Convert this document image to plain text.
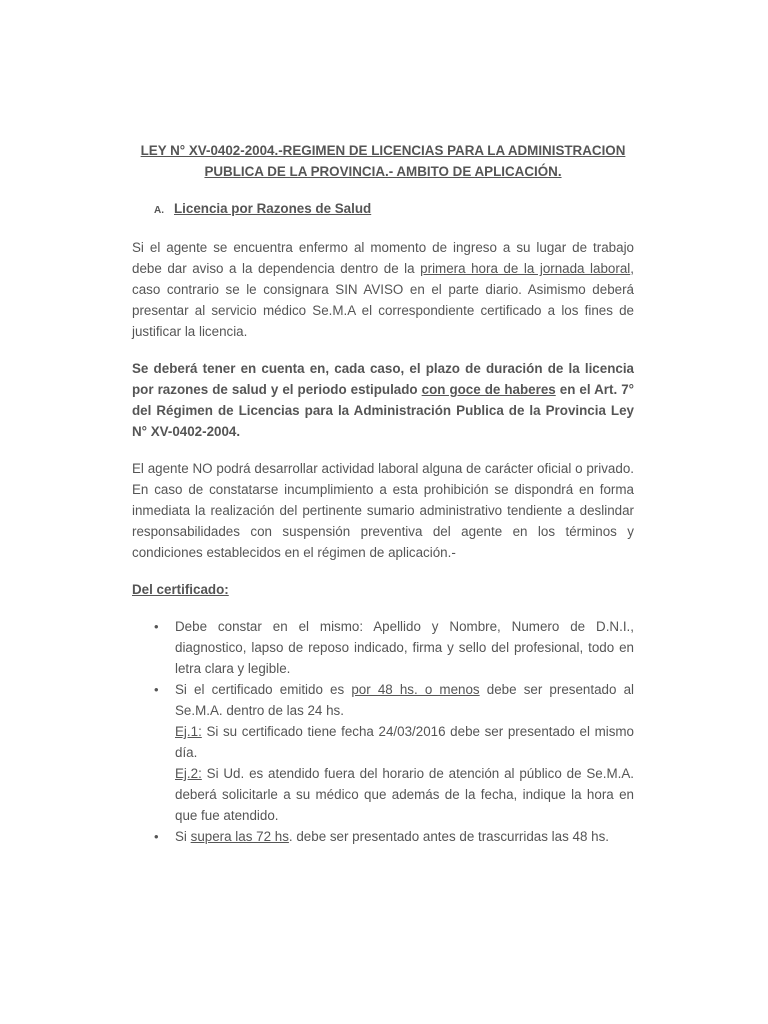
LEY N° XV-0402-2004.-REGIMEN DE LICENCIAS PARA LA ADMINISTRACION
PUBLICA DE LA PROVINCIA.- AMBITO DE APLICACIÓN.
A. Licencia por Razones de Salud

Si el agente se encuentra enfermo al momento de ingreso a su lugar de trabajo debe dar aviso a la dependencia dentro de la primera hora de la jornada laboral, caso contrario se le consignara SIN AVISO en el parte diario. Asimismo deberá presentar al servicio médico Se.M.A el correspondiente certificado a los fines de justificar la licencia.

Se deberá tener en cuenta en, cada caso, el plazo de duración de la licencia por razones de salud y el periodo estipulado con goce de haberes en el Art. 7° del Régimen de Licencias para la Administración Publica de la Provincia Ley N° XV-0402-2004.

El agente NO podrá desarrollar actividad laboral alguna de carácter oficial o privado. En caso de constatarse incumplimiento a esta prohibición se dispondrá en forma inmediata la realización del pertinente sumario administrativo tendiente a deslindar responsabilidades con suspensión preventiva del agente en los términos y condiciones establecidos en el régimen de aplicación.-

Del certificado:
• Debe constar en el mismo: Apellido y Nombre, Numero de D.N.I., diagnostico, lapso de reposo indicado, firma y sello del profesional, todo en letra clara y legible.
• Si el certificado emitido es por 48 hs. o menos debe ser presentado al Se.M.A. dentro de las 24 hs.
Ej.1: Si su certificado tiene fecha 24/03/2016 debe ser presentado el mismo día.
Ej.2: Si Ud. es atendido fuera del horario de atención al público de Se.M.A. deberá solicitarle a su médico que además de la fecha, indique la hora en que fue atendido.
• Si supera las 72 hs. debe ser presentado antes de trascurridas las 48 hs.
